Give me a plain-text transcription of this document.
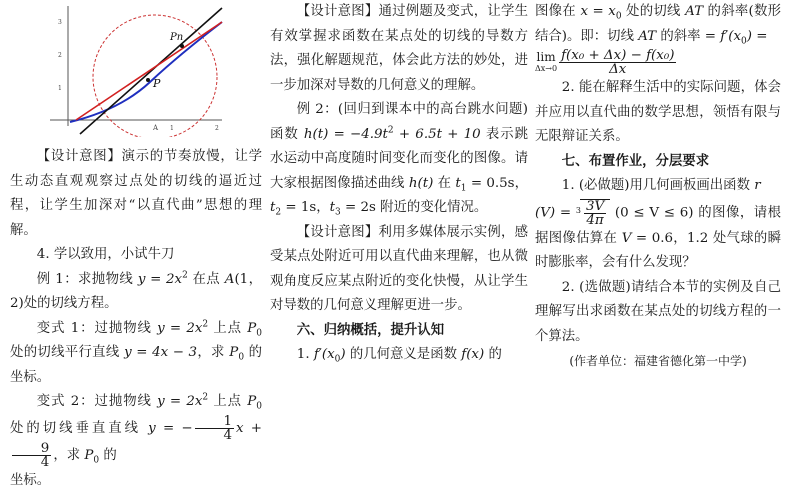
P
Pn
3
2
1
A 1	2

【设计意图】演示的节奏放慢，让学生动态直观观察过点处的切线的逼近过程，让学生加深对“以直代曲”思想的理解。

4. 学以致用，小试牛刀

例 1：求抛物线 $y = 2x^2$ 在点 A(1，2)处的切线方程。

变式 1：过抛物线 $y = 2x^2$ 上点 $P_0$ 处的切线平行直线 y = 4x − 3，求 $P_0$ 的坐标。

变式 2：过抛物线 $y = 2x^2$ 上点 $P_0$ 处的切线垂直直线 y = − $\frac{1}{4}$ x +
$\frac{9}{4}$ ，求 $P_0$ 的

坐标。

【设计意图】通过例题及变式，让学生有效掌握求函数在某点处的切线的导数方法，强化解题规范，体会此方法的妙处，进一步加深对导数的几何意义的理解。

例 2：(回归到课本中的高台跳水问题)函数 $h(t) = -4.9t^2 + 6.5t + 10$ 表示跳水运动中高度随时间变化而变化的图像。请大家根据图像描述曲线 h(t) 在 $t_1 = 0.5s$，$t_2 = 1s$，$t_3 = 2s$ 附近的变化情况。

【设计意图】利用多媒体展示实例，感受某点处附近可用以直代曲来理解，也从微观角度反应某点附近的变化快慢，从让学生对导数的几何意义理解更进一步。

六、归纳概括，提升认知

1. $f'(x_0)$ 的几何意义是函数 f(x) 的

图像在 $x = x_0$ 处的切线 AT 的斜率(数形结合)。即：切线 AT 的斜率 = $f'(x_0)$ =

lim
$\Delta x\to 0 \frac{\text{f(x₀ + Δx) − f(x₀)}}{\Delta x}$

2. 能在解释生活中的实际问题，体会并应用以直代曲的数学思想，领悟有限与无限辩证关系。

七、布置作业，分层要求

1. (必做题)用几何画板画出函数 r

$(V) = ^3 \frac{3V}{4\pi} (0 \le V \le 6)$ 的图像，请根据图像估算在 V = 0.6，1.2 处气球的瞬时膨胀率，会有什么发现？

2. (选做题)请结合本节的实例及自己理解写出求函数在某点处的切线方程的一个算法。

(作者单位：福建省德化第一中学)
